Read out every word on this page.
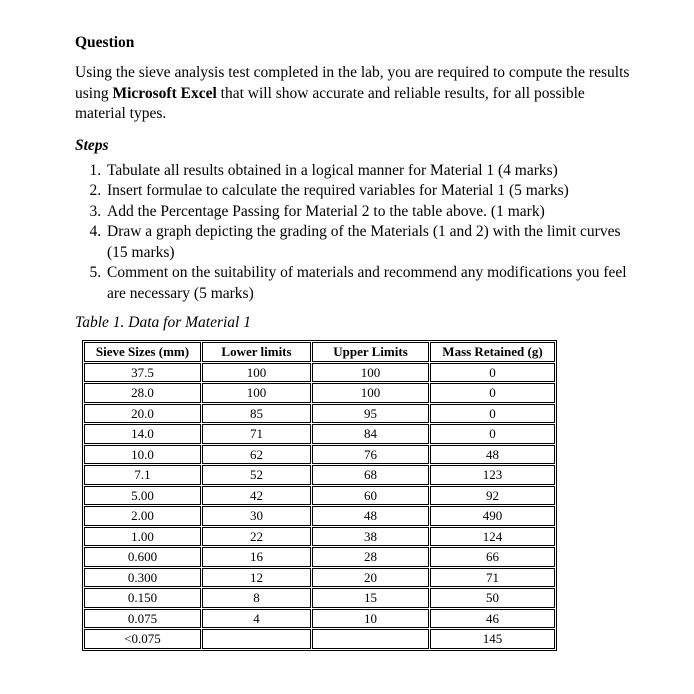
Question

Using the sieve analysis test completed in the lab, you are required to compute the results using Microsoft Excel that will show accurate and reliable results, for all possible material types.

Steps
1. Tabulate all results obtained in a logical manner for Material 1 (4 marks)
2. Insert formulae to calculate the required variables for Material 1 (5 marks)
3. Add the Percentage Passing for Material 2 to the table above. (1 mark)
4. Draw a graph depicting the grading of the Materials (1 and 2) with the limit curves (15 marks)
5. Comment on the suitability of materials and recommend any modifications you feel are necessary (5 marks)
Table 1. Data for Material 1
Sieve Sizes (mm)	Lower limits	Upper Limits	Mass Retained (g)
37.5	100	100	0
28.0	100	100	0
20.0	85	95	0
14.0	71	84	0
10.0	62	76	48
7.1	52	68	123
5.00	42	60	92
2.00	30	48	490
1.00	22	38	124
0.600	16	28	66
0.300	12	20	71
0.150	8	15	50
0.075	4	10	46
<0.075			145
